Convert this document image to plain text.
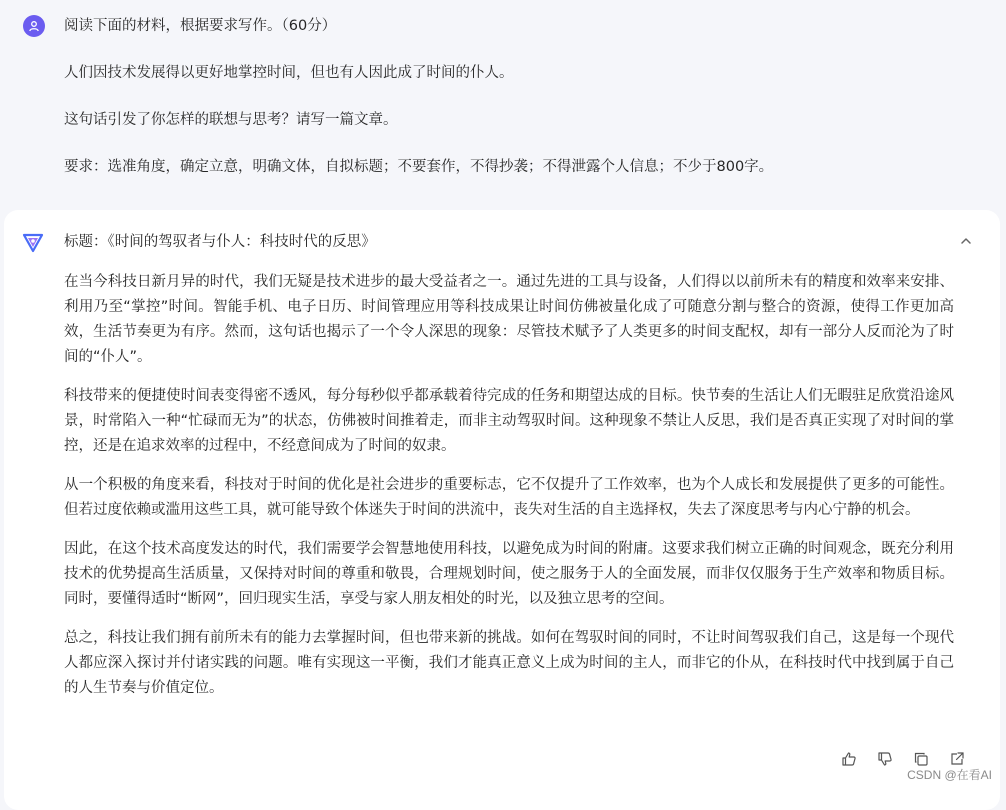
阅读下面的材料，根据要求写作。（60分）

人们因技术发展得以更好地掌控时间，但也有人因此成了时间的仆人。

这句话引发了你怎样的联想与思考？请写一篇文章。

要求：选准角度，确定立意，明确文体，自拟标题；不要套作，不得抄袭；不得泄露个人信息；不少于800字。

标题：《时间的驾驭者与仆人：科技时代的反思》

在当今科技日新月异的时代，我们无疑是技术进步的最大受益者之一。通过先进的工具与设备，人们得以以前所未有的精度和效率来安排、利用乃至“掌控”时间。智能手机、电子日历、时间管理应用等科技成果让时间仿佛被量化成了可随意分割与整合的资源，使得工作更加高效，生活节奏更为有序。然而，这句话也揭示了一个令人深思的现象：尽管技术赋予了人类更多的时间支配权，却有一部分人反而沦为了时间的“仆人”。

科技带来的便捷使时间表变得密不透风，每分每秒似乎都承载着待完成的任务和期望达成的目标。快节奏的生活让人们无暇驻足欣赏沿途风景，时常陷入一种“忙碌而无为”的状态，仿佛被时间推着走，而非主动驾驭时间。这种现象不禁让人反思，我们是否真正实现了对时间的掌控，还是在追求效率的过程中，不经意间成为了时间的奴隶。

从一个积极的角度来看，科技对于时间的优化是社会进步的重要标志，它不仅提升了工作效率，也为个人成长和发展提供了更多的可能性。但若过度依赖或滥用这些工具，就可能导致个体迷失于时间的洪流中，丧失对生活的自主选择权，失去了深度思考与内心宁静的机会。

因此，在这个技术高度发达的时代，我们需要学会智慧地使用科技，以避免成为时间的附庸。这要求我们树立正确的时间观念，既充分利用技术的优势提高生活质量，又保持对时间的尊重和敬畏，合理规划时间，使之服务于人的全面发展，而非仅仅服务于生产效率和物质目标。同时，要懂得适时“断网”，回归现实生活，享受与家人朋友相处的时光，以及独立思考的空间。

总之，科技让我们拥有前所未有的能力去掌握时间，但也带来新的挑战。如何在驾驭时间的同时，不让时间驾驭我们自己，这是每一个现代人都应深入探讨并付诸实践的问题。唯有实现这一平衡，我们才能真正意义上成为时间的主人，而非它的仆从，在科技时代中找到属于自己的人生节奏与价值定位。

CSDN @在看AI
